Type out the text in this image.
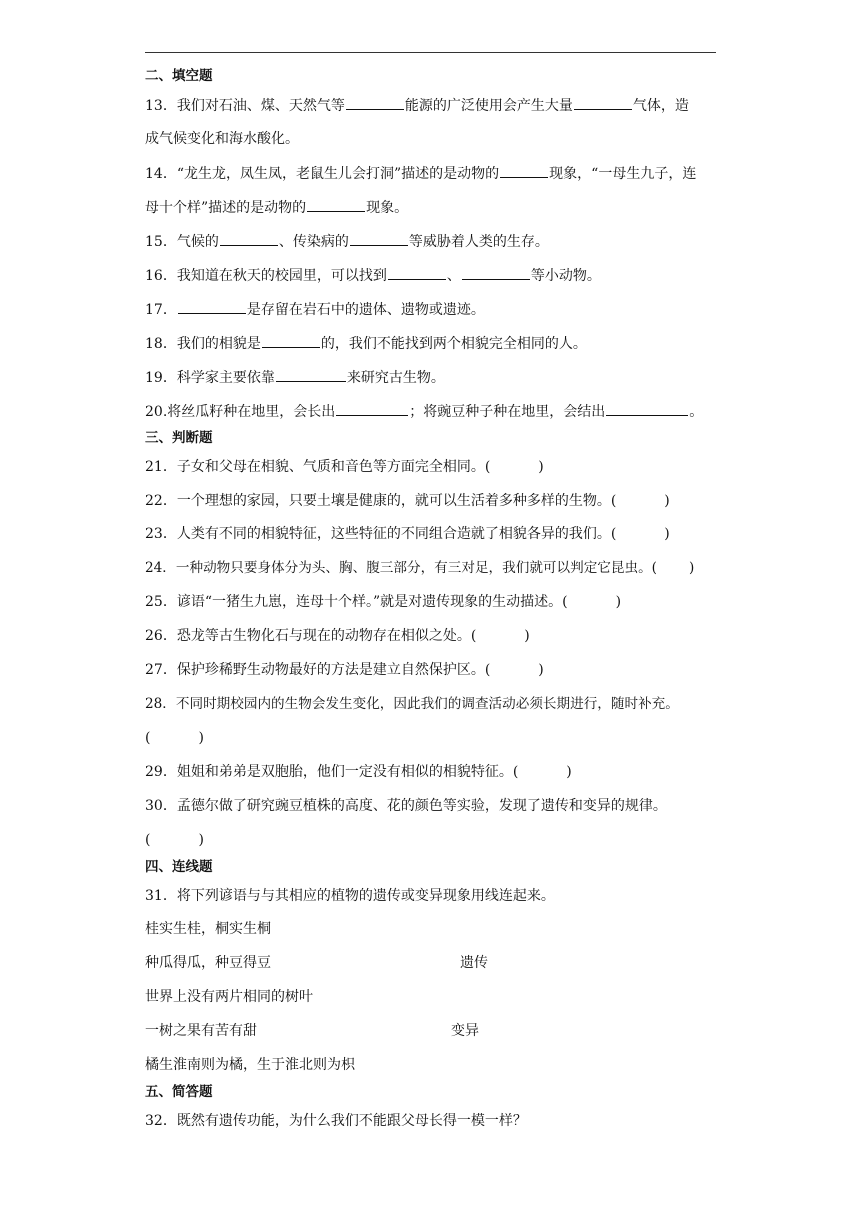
二、填空题
13．我们对石油、煤、天然气等	能源的广泛使用会产生大量	气体，造
成气候变化和海水酸化。
14．“龙生龙，凤生凤，老鼠生儿会打洞”描述的是动物的	现象，“一母生九子，连
母十个样”描述的是动物的	现象。
15．气候的	、传染病的	等威胁着人类的生存。
16．我知道在秋天的校园里，可以找到	、	等小动物。
17．	是存留在岩石中的遗体、遗物或遗迹。
18．我们的相貌是	的，我们不能找到两个相貌完全相同的人。
19．科学家主要依靠	来研究古生物。
20.将丝瓜籽种在地里，会长出	；将豌豆种子种在地里，会结出	。
三、判断题
21．子女和父母在相貌、气质和音色等方面完全相同。(	)
22．一个理想的家园，只要土壤是健康的，就可以生活着多种多样的生物。(	)
23．人类有不同的相貌特征，这些特征的不同组合造就了相貌各异的我们。(	)
24．一种动物只要身体分为头、胸、腹三部分，有三对足，我们就可以判定它昆虫。( )
25．谚语“一猪生九崽，连母十个样。”就是对遗传现象的生动描述。(	)
26．恐龙等古生物化石与现在的动物存在相似之处。(	)
27．保护珍稀野生动物最好的方法是建立自然保护区。(	)
28．不同时期校园内的生物会发生变化，因此我们的调查活动必须长期进行，随时补充。
(	)
29．姐姐和弟弟是双胞胎，他们一定没有相似的相貌特征。(	)
30．孟德尔做了研究豌豆植株的高度、花的颜色等实验，发现了遗传和变异的规律。
(	)
四、连线题
31．将下列谚语与与其相应的植物的遗传或变异现象用线连起来。
桂实生桂，桐实生桐
种瓜得瓜，种豆得豆	遗传
世界上没有两片相同的树叶
一树之果有苦有甜	变异
橘生淮南则为橘，生于淮北则为枳
五、简答题
32．既然有遗传功能，为什么我们不能跟父母长得一模一样？
